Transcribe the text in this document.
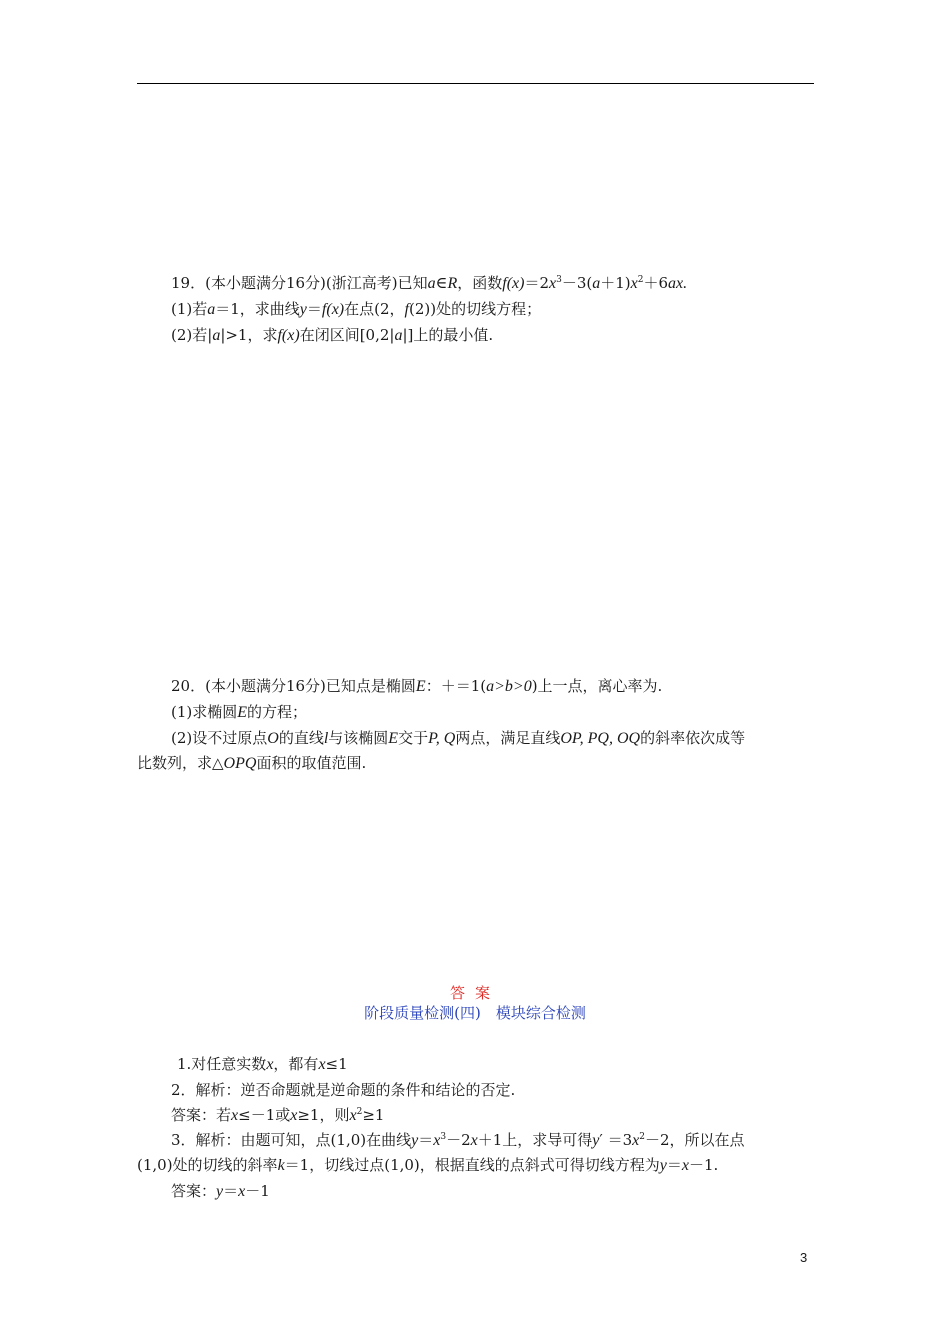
19．(本小题满分16分)(浙江高考)已知a∈R，函数$f(x)=2x^3-3(a+1)x^2+6ax$.
(1)若a＝1，求曲线y＝f(x)在点(2，f(2))处的切线方程；
(2)若|a|>1，求f(x)在闭区间[0,2|a|]上的最小值.
20．(本小题满分16分)已知点是椭圆E：＋＝1(a>b>0)上一点，离心率为.
(1)求椭圆E的方程；
(2)设不过原点O的直线l与该椭圆E交于P, Q两点，满足直线OP, PQ, OQ的斜率依次成等
比数列，求△OPQ面积的取值范围.
答案
阶段质量检测(四)　模块综合检测
1.对任意实数x，都有x≤1
2．解析：逆否命题就是逆命题的条件和结论的否定.
答案：若x≤－1或x≥1，则$x^2\ge 1$
3．解析：由题可知，点(1,0)在曲线$y=x^3-2x+1$上，求导可得$y' =3x^2-2$，所以在点
(1,0)处的切线的斜率k＝1，切线过点(1,0)，根据直线的点斜式可得切线方程为y＝x－1.
答案：y＝x－1
3
